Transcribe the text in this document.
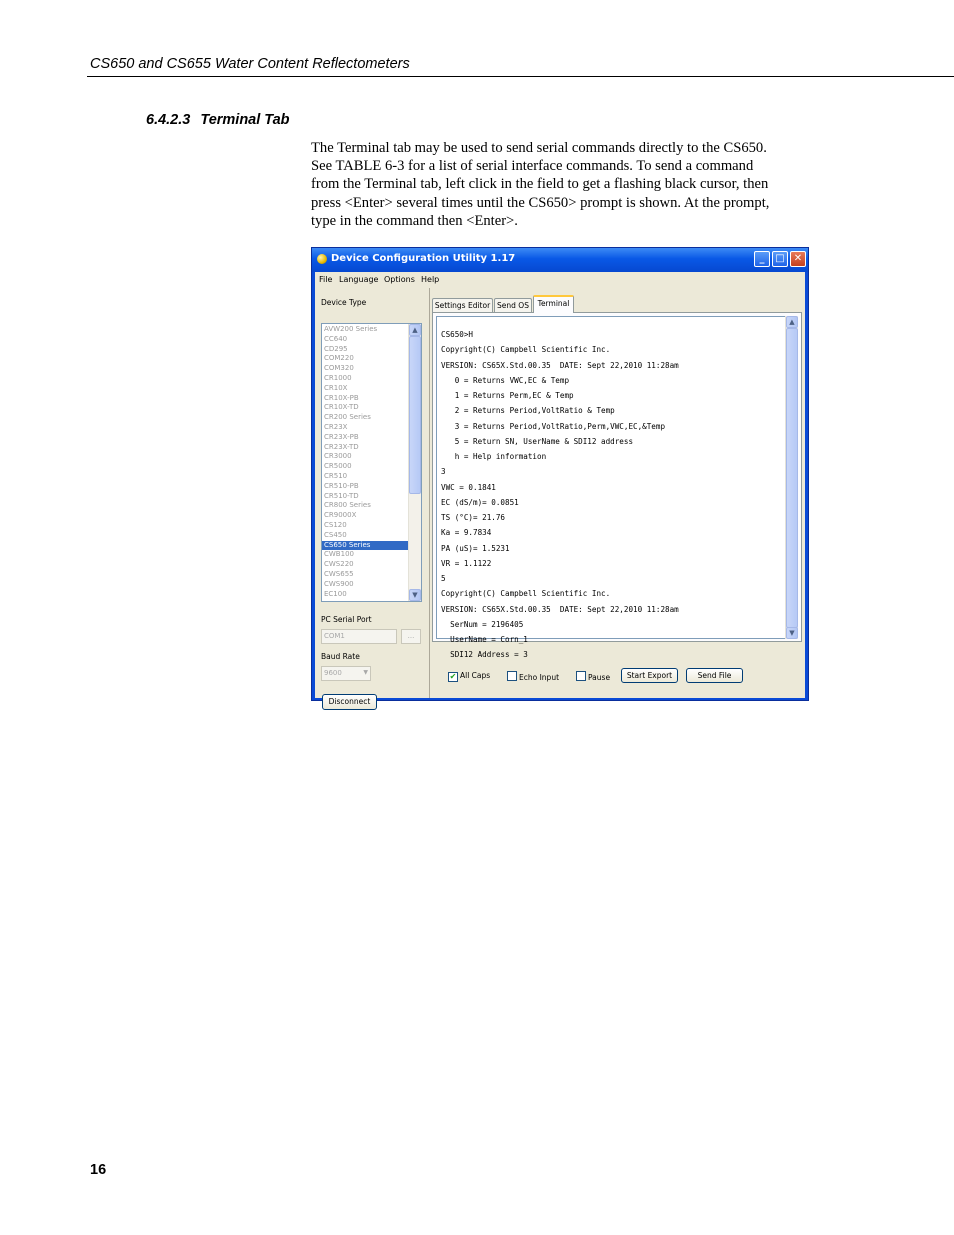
CS650 and CS655 Water Content Reflectometers
6.4.2.3 Terminal Tab

The Terminal tab may be used to send serial commands directly to the CS650.

See TABLE 6-3 for a list of serial interface commands. To send a command

from the Terminal tab, left click in the field to get a flashing black cursor, then

press <Enter> several times until the CS650> prompt is shown. At the prompt,

type in the command then <Enter>.

Device Configuration Utility 1.17	_	□ ✕
File Language Options Help
Device Type
AVW200 Series
CC640
CD295
COM220
COM320
CR1000
CR10X
CR10X-PB
CR10X-TD
CR200 Series
CR23X
CR23X-PB
CR23X-TD
CR3000
CR5000
CR510
CR510-PB
CR510-TD
CR800 Series
CR9000X
CS120
CS450
CS650 Series
CWB100
CWS220
CWS655
CWS900
EC100
▲
▼
PC Serial Port
COM1	...
Baud Rate
9600	▼
Disconnect
Settings Editor Send OS	Terminal
CS650>H
Copyright(C) Campbell Scientific Inc.
VERSION: CS65X.Std.00.35  DATE: Sept 22,2010 11:28am
0 = Returns VWC,EC & Temp
1 = Returns Perm,EC & Temp
2 = Returns Period,VoltRatio & Temp
3 = Returns Period,VoltRatio,Perm,VWC,EC,&Temp
5 = Return SN, UserName & SDI12 address
h = Help information
3
VWC = 0.1841
EC (dS/m)= 0.0851
TS (°C)= 21.76
Ka = 9.7834
PA (uS)= 1.5231
VR = 1.1122
5
Copyright(C) Campbell Scientific Inc.
VERSION: CS65X.Std.00.35  DATE: Sept 22,2010 11:28am
SerNum = 2196405
UserName = Corn_1
SDI12 Address = 3
▲
▼
✔ All Caps	Echo Input	Pause	Start Export	Send File
16
